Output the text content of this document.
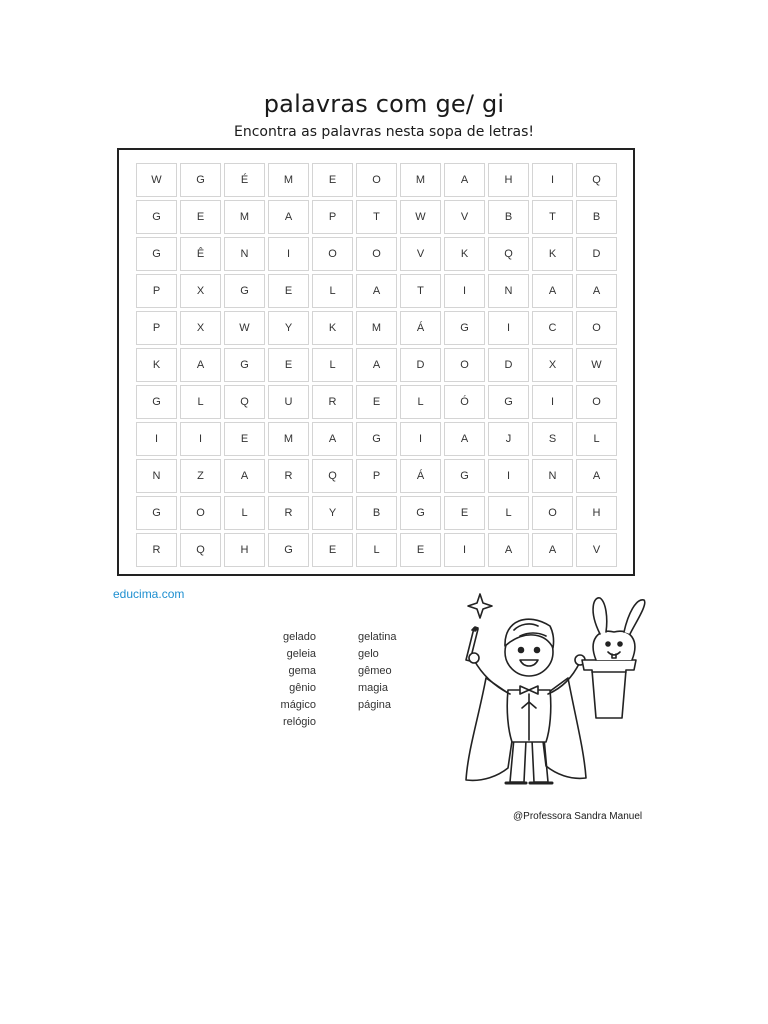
palavras com ge/ gi
Encontra as palavras nesta sopa de letras!
W	G	É	M	E	O	M	A	H	I	Q
G	E	M	A	P	T	W	V	B	T	B
G	Ê	N	I	O	O	V	K	Q	K	D
P	X	G	E	L	A	T	I	N	A	A
P	X	W	Y	K	M	Á	G	I	C	O
K	A	G	E	L	A	D	O	D	X	W
G	L	Q	U	R	E	L	Ó	G	I	O
I	I	E	M	A	G	I	A	J	S	L
N	Z	A	R	Q	P	Á	G	I	N	A
G	O	L	R	Y	B	G	E	L	O	H
R	Q	H	G	E	L	E	I	A	A	V
educima.com
gelado
geleia
gema
gênio
mágico
relógio
gelatina
gelo
gêmeo
magia
página
@Professora Sandra Manuel
